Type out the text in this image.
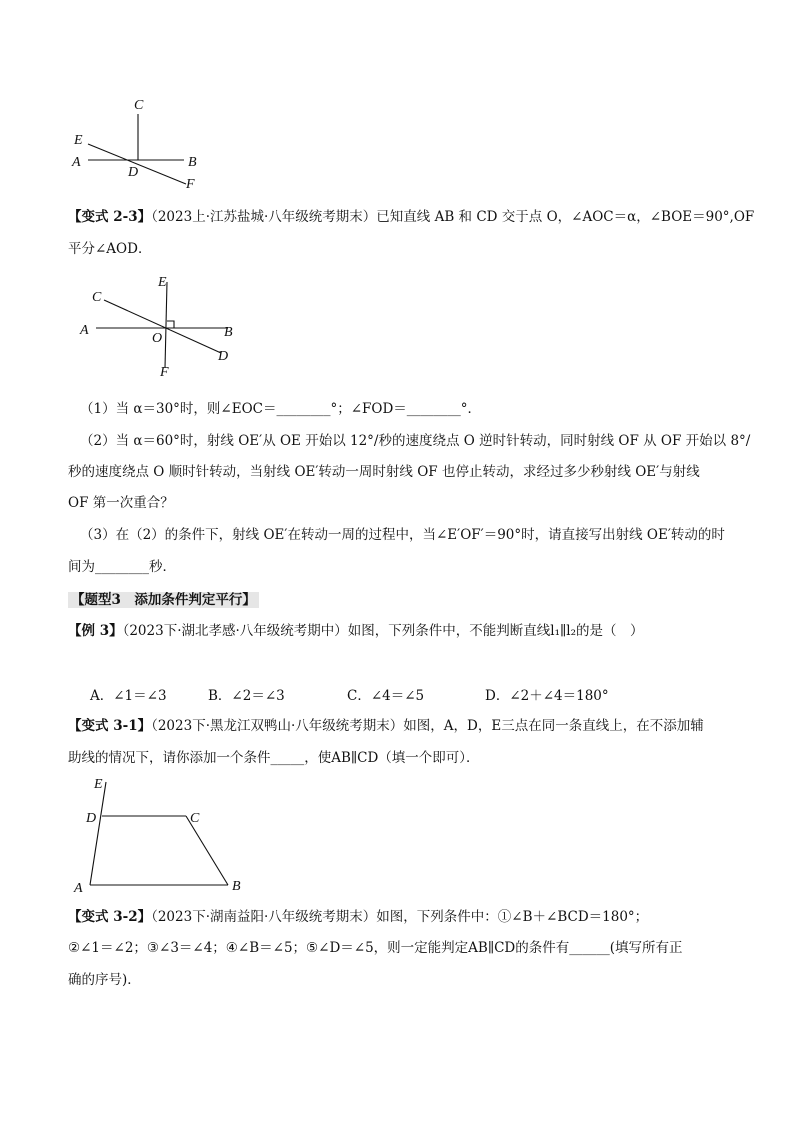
C
E
A	B
D
F
【变式 2-3】（2023上·江苏盐城·八年级统考期末）已知直线 AB 和 CD 交于点 O，∠AOC＝α，∠BOE＝90°,OF
平分∠AOD．
E
C
A
O	B
D
F
（1）当 α＝30°时，则∠EOC＝________°；∠FOD＝________°．
（2）当 α＝60°时，射线 OE′从 OE 开始以 12°/秒的速度绕点 O 逆时针转动，同时射线 OF 从 OF 开始以 8°/
秒的速度绕点 O 顺时针转动，当射线 OE′转动一周时射线 OF 也停止转动，求经过多少秒射线 OE′与射线
OF 第一次重合？
（3）在（2）的条件下，射线 OE′在转动一周的过程中，当∠E′OF′＝90°时，请直接写出射线 OE′转动的时
间为________秒．
【题型3　添加条件判定平行】
【例 3】（2023下·湖北孝感·八年级统考期中）如图，下列条件中，不能判断直线l₁∥l₂的是（　）
A．∠1＝∠3	B．∠2＝∠3	C．∠4＝∠5	D．∠2＋∠4＝180°
【变式 3-1】（2023下·黑龙江双鸭山·八年级统考期末）如图，A，D，E三点在同一条直线上，在不添加辅
助线的情况下，请你添加一个条件_____，使AB∥CD（填一个即可）．
E
D	C
A	B
【变式 3-2】（2023下·湖南益阳·八年级统考期末）如图，下列条件中：①∠B＋∠BCD＝180°；
②∠1＝∠2；③∠3＝∠4；④∠B＝∠5；⑤∠D＝∠5，则一定能判定AB∥CD的条件有______(填写所有正
确的序号)．
